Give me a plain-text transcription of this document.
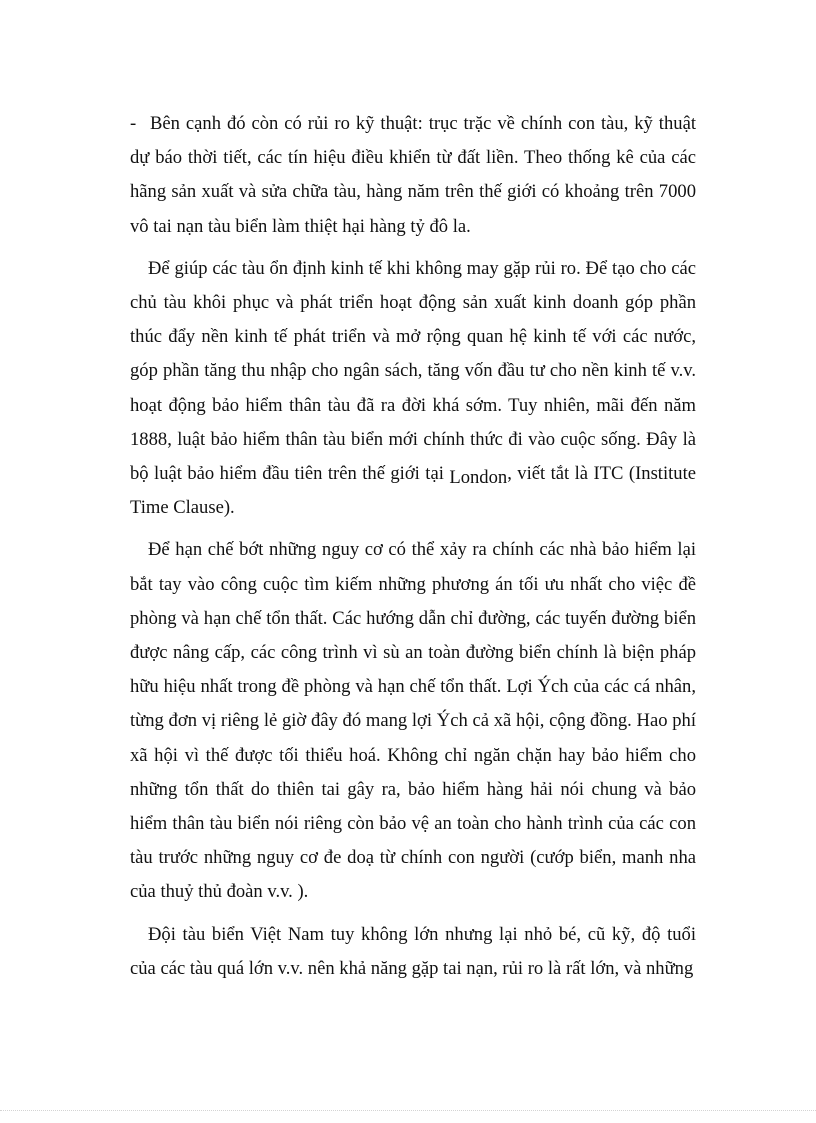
- Bên cạnh đó còn có rủi ro kỹ thuật: trục trặc về chính con tàu, kỹ thuật dự báo thời tiết, các tín hiệu điều khiển từ đất liền. Theo thống kê của các hãng sản xuất và sửa chữa tàu, hàng năm trên thế giới có khoảng trên 7000 vô tai nạn tàu biển làm thiệt hại hàng tỷ đô la.

Để giúp các tàu ổn định kinh tế khi không may gặp rủi ro. Để tạo cho các chủ tàu khôi phục và phát triển hoạt động sản xuất kinh doanh góp phần thúc đẩy nền kinh tế phát triển và mở rộng quan hệ kinh tế với các nước, góp phần tăng thu nhập cho ngân sách, tăng vốn đầu tư cho nền kinh tế v.v. hoạt động bảo hiểm thân tàu đã ra đời khá sớm. Tuy nhiên, mãi đến năm 1888, luật bảo hiểm thân tàu biển mới chính thức đi vào cuộc sống. Đây là bộ luật bảo hiểm đầu tiên trên thế giới tại London, viết tắt là ITC (Institute Time Clause).

Để hạn chế bớt những nguy cơ có thể xảy ra chính các nhà bảo hiểm lại bắt tay vào công cuộc tìm kiếm những phương án tối ưu nhất cho việc đề phòng và hạn chế tổn thất. Các hướng dẫn chỉ đường, các tuyến đường biển được nâng cấp, các công trình vì sù an toàn đường biển chính là biện pháp hữu hiệu nhất trong đề phòng và hạn chế tổn thất. Lợi Ých của các cá nhân, từng đơn vị riêng lẻ giờ đây đó mang lợi Ých cả xã hội, cộng đồng. Hao phí xã hội vì thế được tối thiểu hoá. Không chỉ ngăn chặn hay bảo hiểm cho những tổn thất do thiên tai gây ra, bảo hiểm hàng hải nói chung và bảo hiểm thân tàu biển nói riêng còn bảo vệ an toàn cho hành trình của các con tàu trước những nguy cơ đe doạ từ chính con người (cướp biển, manh nha của thuỷ thủ đoàn v.v. ).

Đội tàu biển Việt Nam tuy không lớn nhưng lại nhỏ bé, cũ kỹ, độ tuổi của các tàu quá lớn v.v. nên khả năng gặp tai nạn, rủi ro là rất lớn, và những
